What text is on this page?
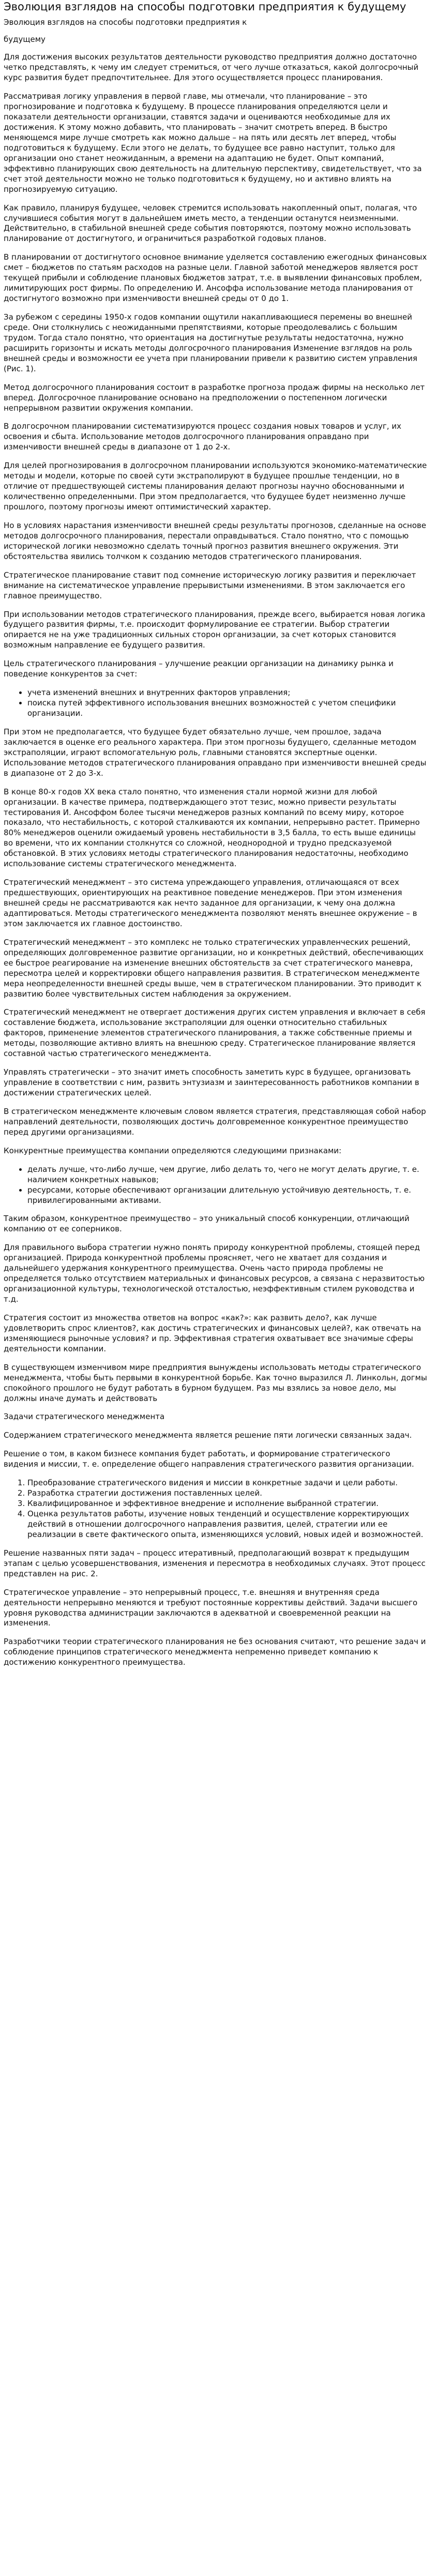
Эволюция взглядов на способы подготовки предприятия к будущему
Эволюция взглядов на способы подготовки предприятия к
будущему

Для достижения высоких результатов деятельности руководство предприятия должно достаточно четко представлять, к чему им следует стремиться, от чего лучше отказаться, какой долгосрочный курс развития будет предпочтительнее. Для этого осуществляется процесс планирования.

Рассматривая логику управления в первой главе, мы отмечали, что планирование – это прогнозирование и подготовка к будущему. В процессе планирования определяются цели и показатели деятельности организации, ставятся задачи и оцениваются необходимые для их достижения. К этому можно добавить, что планировать – значит смотреть вперед. В быстро меняющемся мире лучше смотреть как можно дальше – на пять или десять лет вперед, чтобы подготовиться к будущему. Если этого не делать, то будущее все равно наступит, только для организации оно станет неожиданным, а времени на адаптацию не будет. Опыт компаний, эффективно планирующих свою деятельность на длительную перспективу, свидетельствует, что за счет этой деятельности можно не только подготовиться к будущему, но и активно влиять на прогнозируемую ситуацию.

Как правило, планируя будущее, человек стремится использовать накопленный опыт, полагая, что случившиеся события могут в дальнейшем иметь место, а тенденции останутся неизменными. Действительно, в стабильной внешней среде события повторяются, поэтому можно использовать планирование от достигнутого, и ограничиться разработкой годовых планов.

В планировании от достигнутого основное внимание уделяется составлению ежегодных финансовых смет – бюджетов по статьям расходов на разные цели. Главной заботой менеджеров является рост текущей прибыли и соблюдение плановых бюджетов затрат, т.е. в выявлении финансовых проблем, лимитирующих рост фирмы. По определению И. Ансоффа использование метода планирования от достигнутого возможно при изменчивости внешней среды от 0 до 1.

За рубежом с середины 1950-х годов компании ощутили накапливающиеся перемены во внешней среде. Они столкнулись с неожиданными препятствиями, которые преодолевались с большим трудом. Тогда стало понятно, что ориентация на достигнутые результаты недостаточна, нужно расширить горизонты и искать методы долгосрочного планирования Изменение взглядов на роль внешней среды и возможности ее учета при планировании привели к развитию систем управления (Рис. 1).

Метод долгосрочного планирования состоит в разработке прогноза продаж фирмы на несколько лет вперед. Долгосрочное планирование основано на предположении о постепенном логически непрерывном развитии окружения компании.

В долгосрочном планировании систематизируются процесс создания новых товаров и услуг, их освоения и сбыта. Использование методов долгосрочного планирования оправдано при изменчивости внешней среды в диапазоне от 1 до 2-х.

Для целей прогнозирования в долгосрочном планировании используются экономико-математические методы и модели, которые по своей сути экстраполируют в будущее прошлые тенденции, но в отличие от предшествующей системы планирования делают прогнозы научно обоснованными и количественно определенными. При этом предполагается, что будущее будет неизменно лучше прошлого, поэтому прогнозы имеют оптимистический характер.

Но в условиях нарастания изменчивости внешней среды результаты прогнозов, сделанные на основе методов долгосрочного планирования, перестали оправдываться. Стало понятно, что с помощью исторической логики невозможно сделать точный прогноз развития внешнего окружения. Эти обстоятельства явились толчком к созданию методов стратегического планирования.

Стратегическое планирование ставит под сомнение историческую логику развития и переключает внимание на систематическое управление прерывистыми изменениями. В этом заключается его главное преимущество.

При использовании методов стратегического планирования, прежде всего, выбирается новая логика будущего развития фирмы, т.е. происходит формулирование ее стратегии. Выбор стратегии опирается не на уже традиционных сильных сторон организации, за счет которых становится возможным направление ее будущего развития.

Цель стратегического планирования – улучшение реакции организации на динамику рынка и поведение конкурентов за счет:

• учета изменений внешних и внутренних факторов управления;
• поиска путей эффективного использования внешних возможностей с учетом специфики организации.

При этом не предполагается, что будущее будет обязательно лучше, чем прошлое, задача заключается в оценке его реального характера. При этом прогнозы будущего, сделанные методом экстраполяции, играют вспомогательную роль, главными становятся экспертные оценки. Использование методов стратегического планирования оправдано при изменчивости внешней среды в диапазоне от 2 до 3-х.

В конце 80-х годов ХХ века стало понятно, что изменения стали нормой жизни для любой организации. В качестве примера, подтверждающего этот тезис, можно привести результаты тестирования И. Ансоффом более тысячи менеджеров разных компаний по всему миру, которое показало, что нестабильность, с которой сталкиваются их компании, непрерывно растет. Примерно 80% менеджеров оценили ожидаемый уровень нестабильности в 3,5 балла, то есть выше единицы во времени, что их компании столкнутся со сложной, неоднородной и трудно предсказуемой обстановкой. В этих условиях методы стратегического планирования недостаточны, необходимо использование системы стратегического менеджмента.

Стратегический менеджмент – это система упреждающего управления, отличающаяся от всех предшествующих, ориентирующих на реактивное поведение менеджеров. При этом изменения внешней среды не рассматриваются как нечто заданное для организации, к чему она должна адаптироваться. Методы стратегического менеджмента позволяют менять внешнее окружение – в этом заключается их главное достоинство.

Стратегический менеджмент – это комплекс не только стратегических управленческих решений, определяющих долговременное развитие организации, но и конкретных действий, обеспечивающих ее быстрое реагирование на изменение внешних обстоятельств за счет стратегического маневра, пересмотра целей и корректировки общего направления развития. В стратегическом менеджменте мера неопределенности внешней среды выше, чем в стратегическом планировании. Это приводит к развитию более чувствительных систем наблюдения за окружением.

Стратегический менеджмент не отвергает достижения других систем управления и включает в себя составление бюджета, использование экстраполяции для оценки относительно стабильных факторов, применение элементов стратегического планирования, а также собственные приемы и методы, позволяющие активно влиять на внешнюю среду. Стратегическое планирование является составной частью стратегического менеджмента.

Управлять стратегически – это значит иметь способность заметить курс в будущее, организовать управление в соответствии с ним, развить энтузиазм и заинтересованность работников компании в достижении стратегических целей.

В стратегическом менеджменте ключевым словом является стратегия, представляющая собой набор направлений деятельности, позволяющих достичь долговременное конкурентное преимущество перед другими организациями.

Конкурентные преимущества компании определяются следующими признаками:

• делать лучше, что-либо лучше, чем другие, либо делать то, чего не могут делать другие, т. е. наличием конкретных навыков;
• ресурсами, которые обеспечивают организации длительную устойчивую деятельность, т. е. привилегированными активами.

Таким образом, конкурентное преимущество – это уникальный способ конкуренции, отличающий компанию от ее соперников.

Для правильного выбора стратегии нужно понять природу конкурентной проблемы, стоящей перед организацией. Природа конкурентной проблемы проясняет, чего не хватает для создания и дальнейшего удержания конкурентного преимущества. Очень часто природа проблемы не определяется только отсутствием материальных и финансовых ресурсов, а связана с неразвитостью организационной культуры, технологической отсталостью, неэффективным стилем руководства и т.д.

Стратегия состоит из множества ответов на вопрос «как?»: как развить дело?, как лучше удовлетворить спрос клиентов?, как достичь стратегических и финансовых целей?, как отвечать на изменяющиеся рыночные условия? и пр. Эффективная стратегия охватывает все значимые сферы деятельности компании.

В существующем изменчивом мире предприятия вынуждены использовать методы стратегического менеджмента, чтобы быть первыми в конкурентной борьбе. Как точно выразился Л. Линкольн, догмы спокойного прошлого не будут работать в бурном будущем. Раз мы взялись за новое дело, мы должны иначе думать и действовать

Задачи стратегического менеджмента

Содержанием стратегического менеджмента является решение пяти логически связанных задач.

Решение о том, в каком бизнесе компания будет работать, и формирование стратегического видения и миссии, т. е. определение общего направления стратегического развития организации.

1. Преобразование стратегического видения и миссии в конкретные задачи и цели работы.
2. Разработка стратегии достижения поставленных целей.
3. Квалифицированное и эффективное внедрение и исполнение выбранной стратегии.
4. Оценка результатов работы, изучение новых тенденций и осуществление корректирующих действий в отношении долгосрочного направления развития, целей, стратегии или ее реализации в свете фактического опыта, изменяющихся условий, новых идей и возможностей.

Решение названных пяти задач – процесс итеративный, предполагающий возврат к предыдущим этапам с целью усовершенствования, изменения и пересмотра в необходимых случаях. Этот процесс представлен на рис. 2.

Стратегическое управление – это непрерывный процесс, т.е. внешняя и внутренняя среда деятельности непрерывно меняются и требуют постоянные коррективы действий. Задачи высшего уровня руководства администрации заключаются в адекватной и своевременной реакции на изменения.

Разработчики теории стратегического планирования не без основания считают, что решение задач и соблюдение принципов стратегического менеджмента непременно приведет компанию к достижению конкурентного преимущества.
